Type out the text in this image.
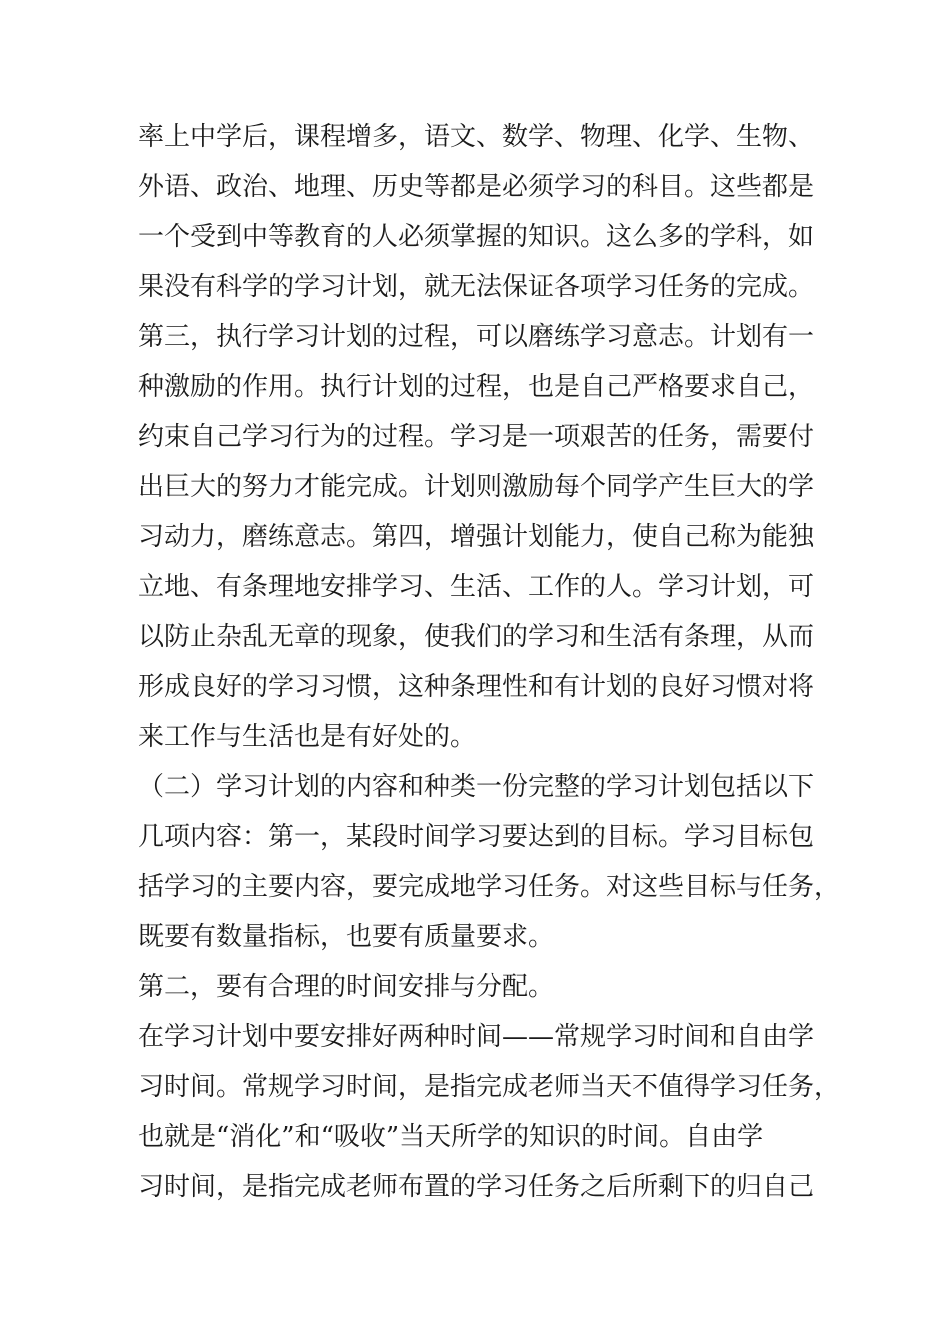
率上中学后，课程增多，语文、数学、物理、化学、生物、
外语、政治、地理、历史等都是必须学习的科目。这些都是
一个受到中等教育的人必须掌握的知识。这么多的学科，如
果没有科学的学习计划，就无法保证各项学习任务的完成。
第三，执行学习计划的过程，可以磨练学习意志。计划有一
种激励的作用。执行计划的过程，也是自己严格要求自己，
约束自己学习行为的过程。学习是一项艰苦的任务，需要付
出巨大的努力才能完成。计划则激励每个同学产生巨大的学
习动力，磨练意志。第四，增强计划能力，使自己称为能独
立地、有条理地安排学习、生活、工作的人。学习计划，可
以防止杂乱无章的现象，使我们的学习和生活有条理，从而
形成良好的学习习惯，这种条理性和有计划的良好习惯对将
来工作与生活也是有好处的。
（二）学习计划的内容和种类一份完整的学习计划包括以下
几项内容：第一，某段时间学习要达到的目标。学习目标包
括学习的主要内容，要完成地学习任务。对这些目标与任务，
既要有数量指标，也要有质量要求。
第二，要有合理的时间安排与分配。
在学习计划中要安排好两种时间——常规学习时间和自由学
习时间。常规学习时间，是指完成老师当天不值得学习任务，
也就是“消化”和“吸收”当天所学的知识的时间。自由学
习时间，是指完成老师布置的学习任务之后所剩下的归自己
